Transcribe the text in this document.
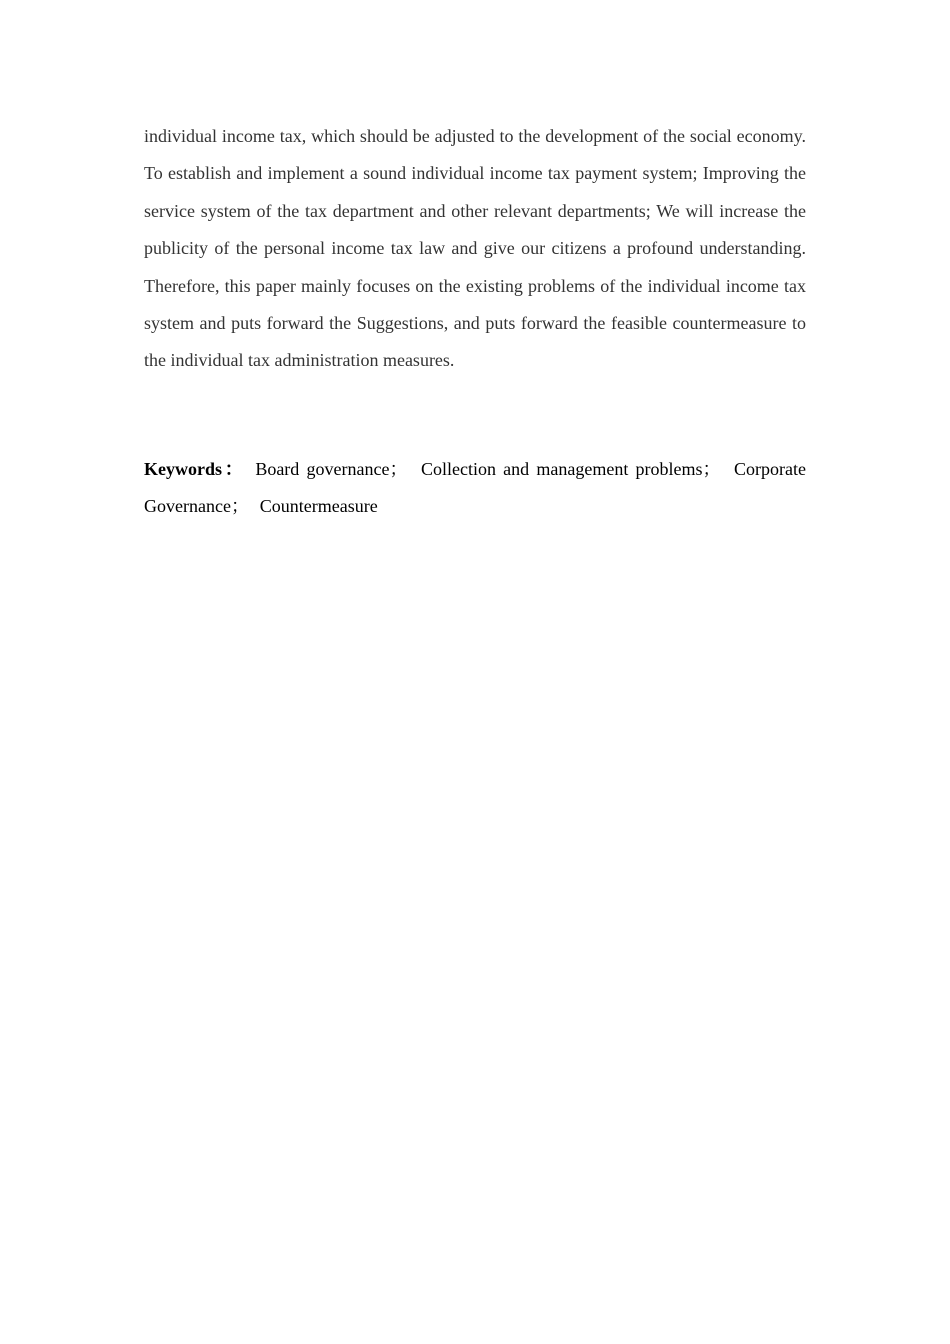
individual income tax, which should be adjusted to the development of the social economy. To establish and implement a sound individual income tax payment system; Improving the service system of the tax department and other relevant departments; We will increase the publicity of the personal income tax law and give our citizens a profound understanding. Therefore, this paper mainly focuses on the existing problems of the individual income tax system and puts forward the Suggestions, and puts forward the feasible countermeasure to the individual tax administration measures.

Keywords： Board governance； Collection and management problems； Corporate Governance； Countermeasure
